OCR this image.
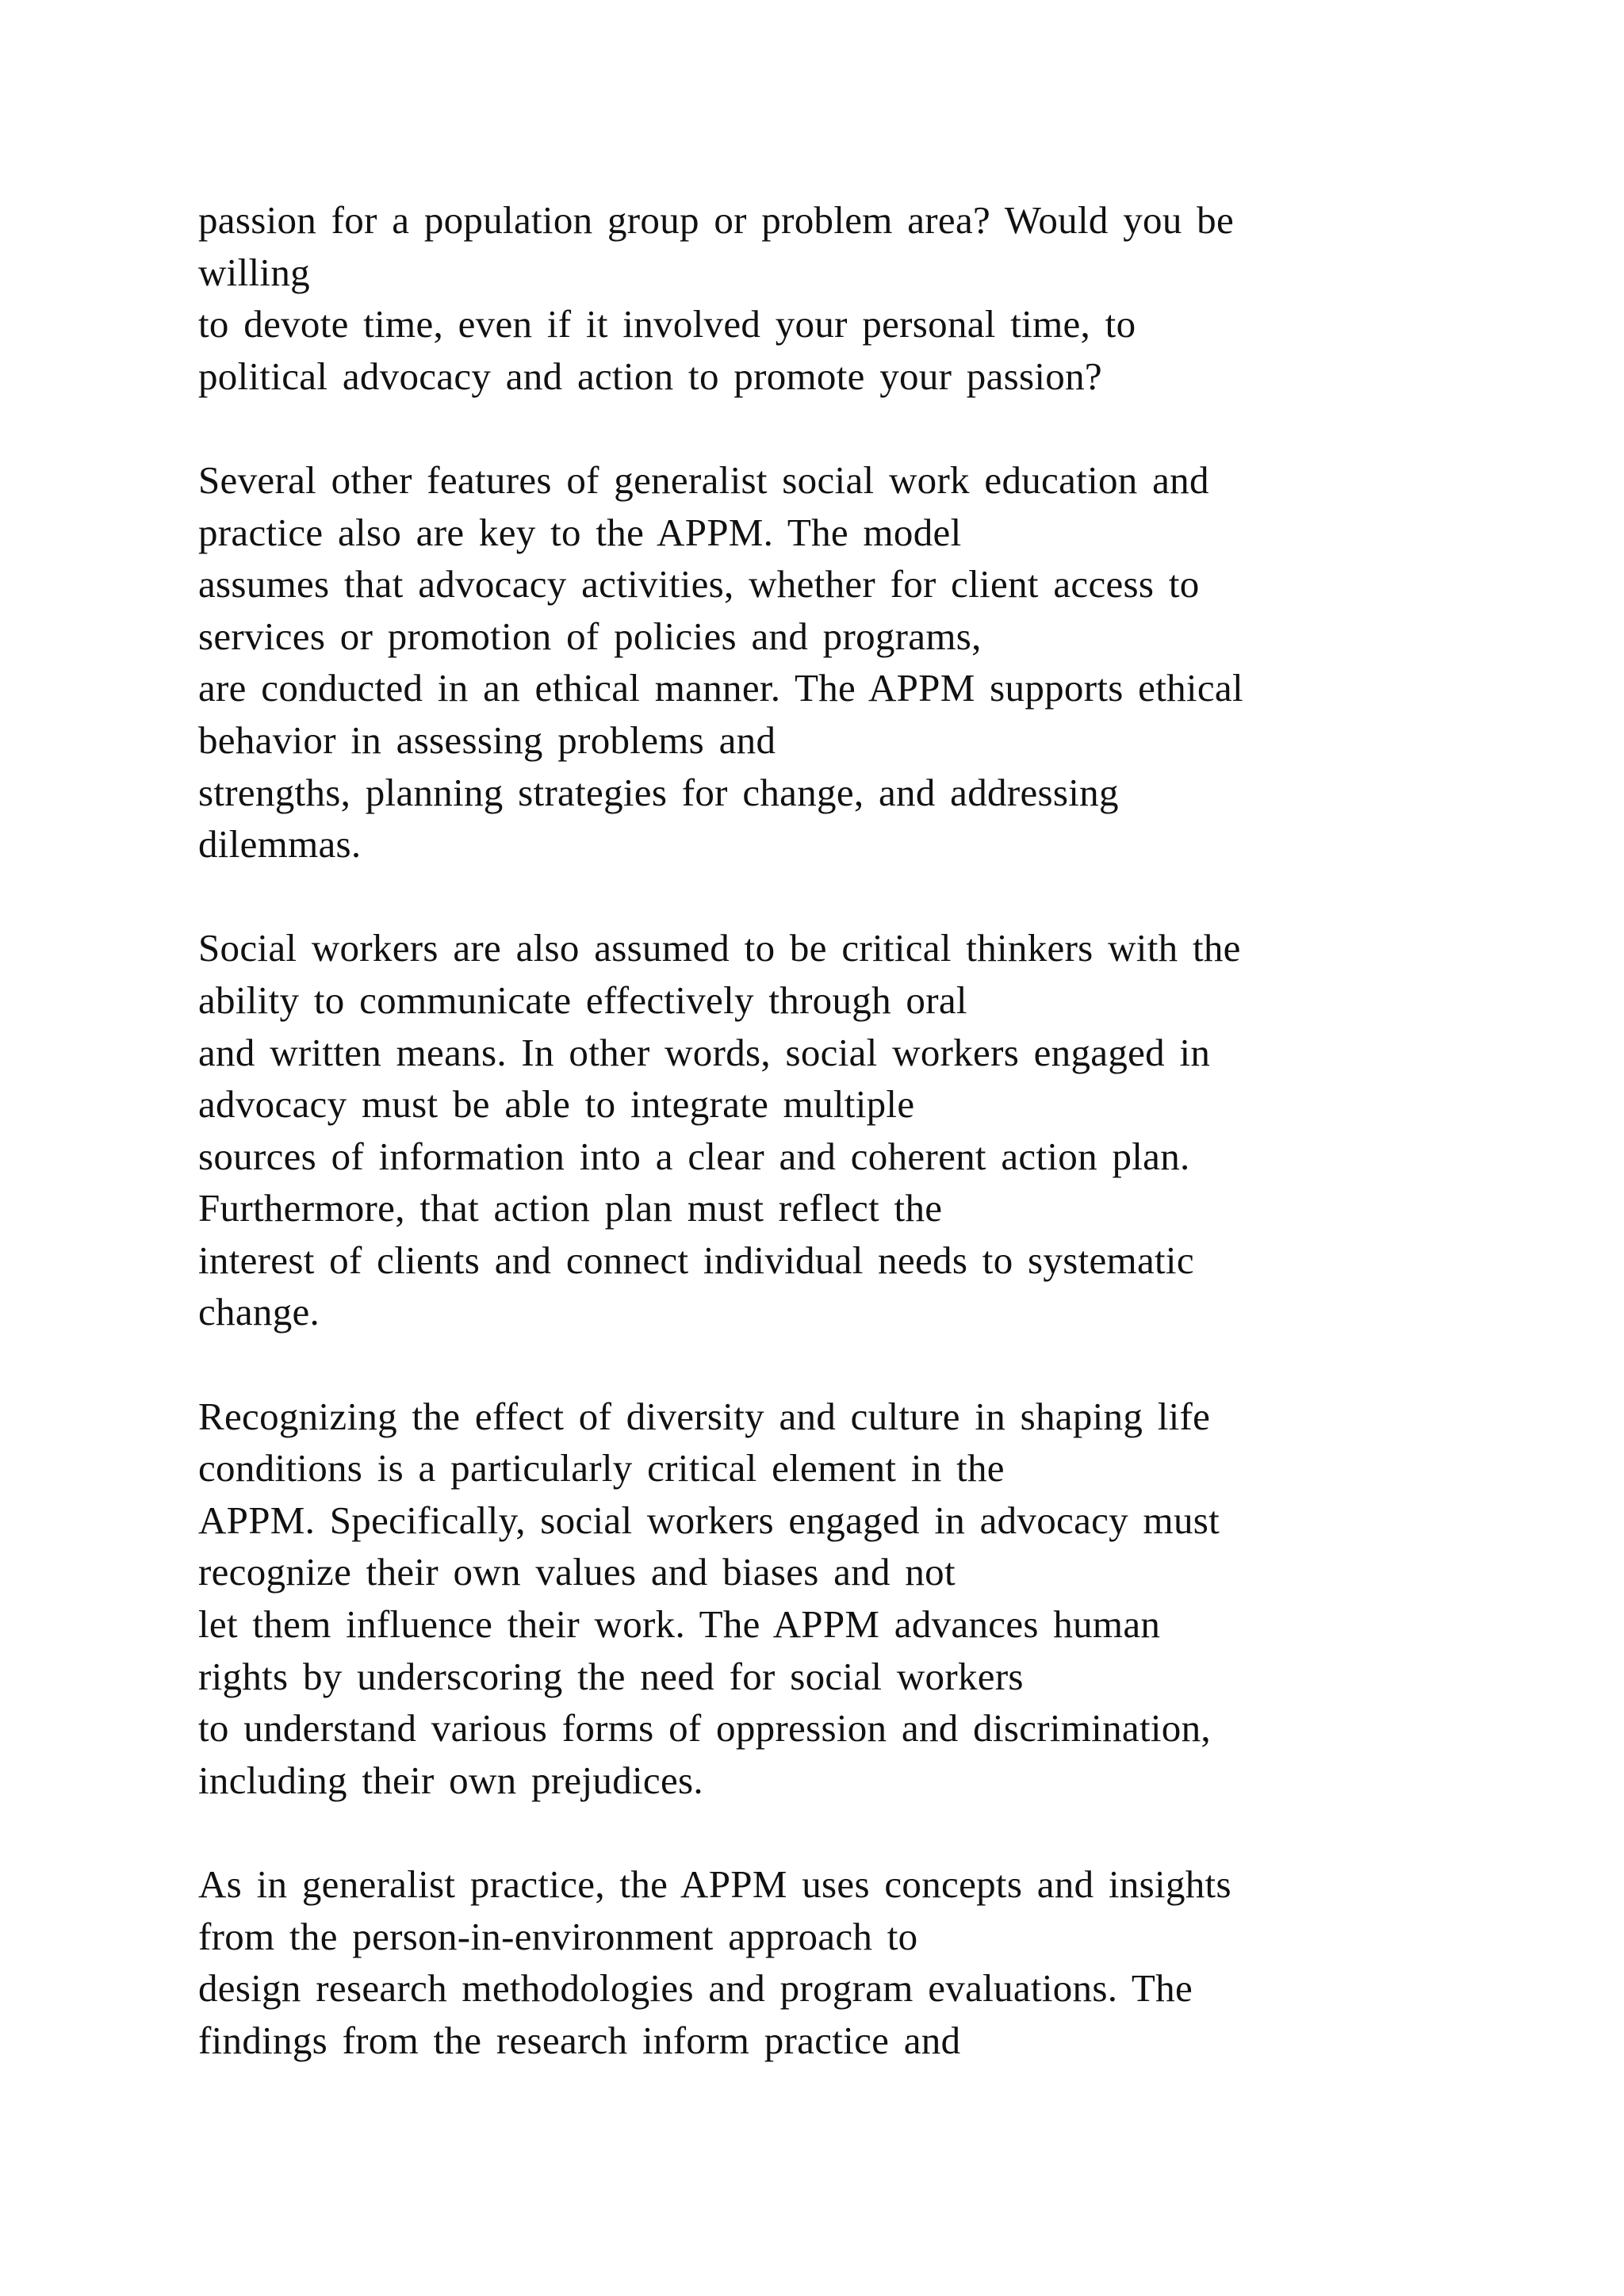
passion for a population group or problem area? Would you be
willing
to devote time, even if it involved your personal time, to
political advocacy and action to promote your passion?
Several other features of generalist social work education and
practice also are key to the APPM. The model
assumes that advocacy activities, whether for client access to
services or promotion of policies and programs,
are conducted in an ethical manner. The APPM supports ethical
behavior in assessing problems and
strengths, planning strategies for change, and addressing
dilemmas.
Social workers are also assumed to be critical thinkers with the
ability to communicate effectively through oral
and written means. In other words, social workers engaged in
advocacy must be able to integrate multiple
sources of information into a clear and coherent action plan.
Furthermore, that action plan must reflect the
interest of clients and connect individual needs to systematic
change.
Recognizing the effect of diversity and culture in shaping life
conditions is a particularly critical element in the
APPM. Specifically, social workers engaged in advocacy must
recognize their own values and biases and not
let them influence their work. The APPM advances human
rights by underscoring the need for social workers
to understand various forms of oppression and discrimination,
including their own prejudices.
As in generalist practice, the APPM uses concepts and insights
from the person-in-environment approach to
design research methodologies and program evaluations. The
findings from the research inform practice and
